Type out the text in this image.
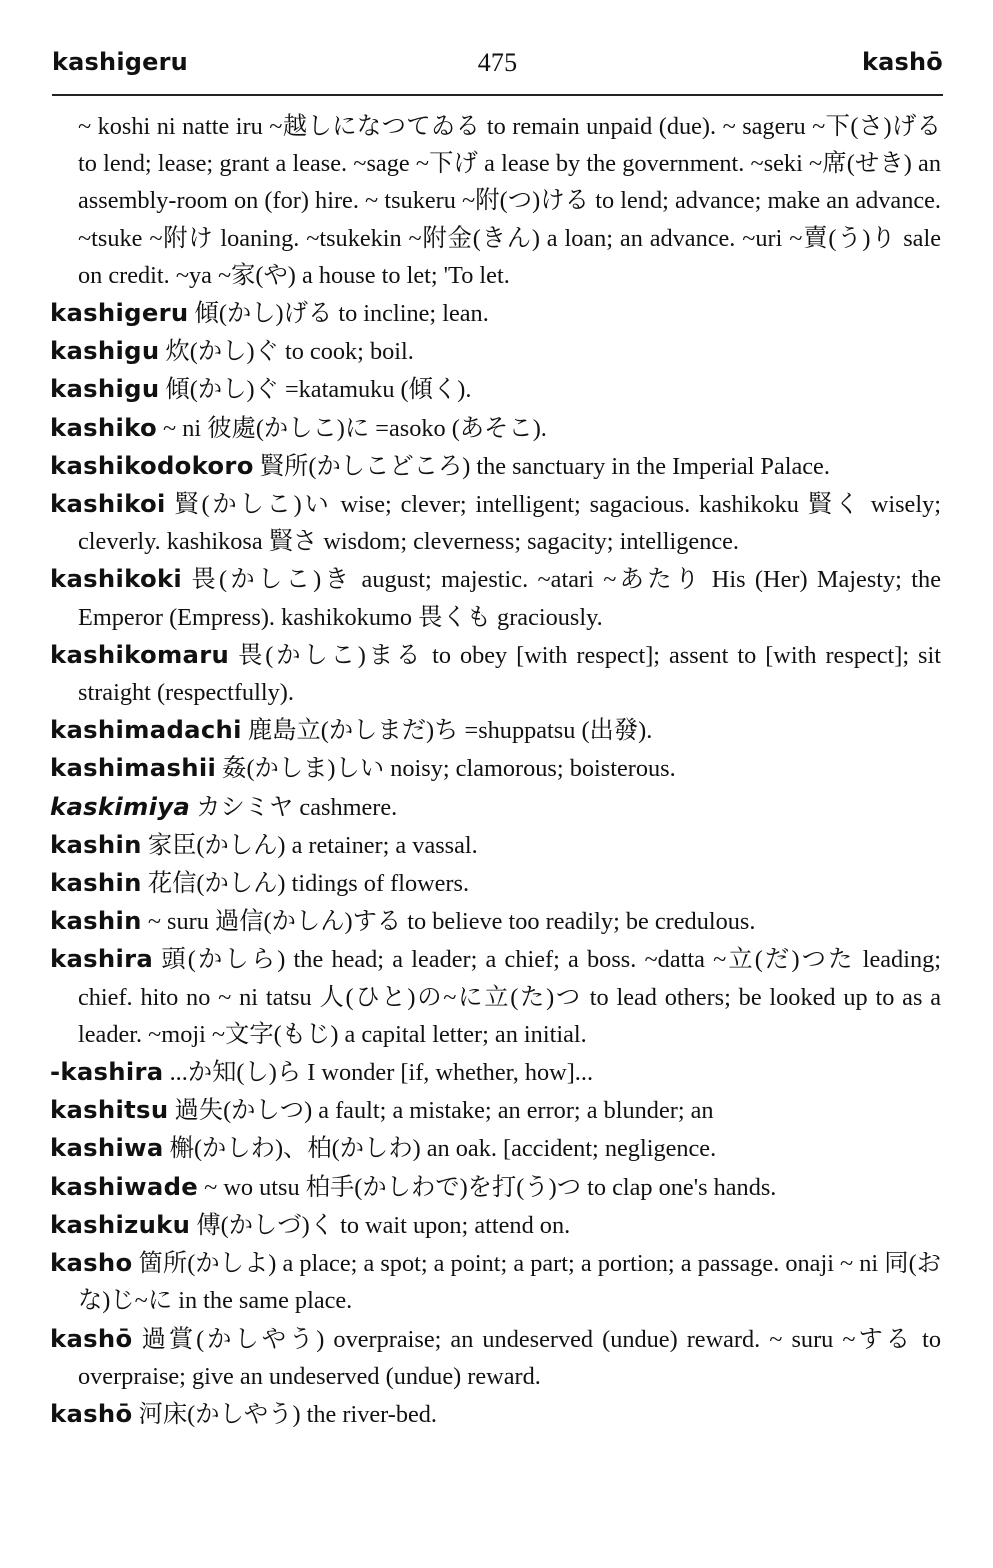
kashigeru	475	kashō
~ koshi ni natte iru ~越しになつてゐる to remain unpaid (due). ~ sageru ~下(さ)げる to lend; lease; grant a lease. ~sage ~下げ a lease by the government. ~seki ~席(せき) an assembly-room on (for) hire. ~ tsukeru ~附(つ)ける to lend; advance; make an advance. ~tsuke ~附け loaning. ~tsukekin ~附金(きん) a loan; an advance. ~uri ~賣(う)り sale on credit. ~ya ~家(や) a house to let; 'To let.
kashigeru 傾(かし)げる to incline; lean.
kashigu 炊(かし)ぐ to cook; boil.
kashigu 傾(かし)ぐ =katamuku (傾く).
kashiko ~ ni 彼處(かしこ)に =asoko (あそこ).
kashikodokoro 賢所(かしこどころ) the sanctuary in the Imperial Palace.
kashikoi 賢(かしこ)い wise; clever; intelligent; sagacious. kashikoku 賢く wisely; cleverly. kashikosa 賢さ wisdom; cleverness; sagacity; intelligence.
kashikoki 畏(かしこ)き august; majestic. ~atari ~あたり His (Her) Majesty; the Emperor (Empress). kashikokumo 畏くも graciously.
kashikomaru 畏(かしこ)まる to obey [with respect]; assent to [with respect]; sit straight (respectfully).
kashimadachi 鹿島立(かしまだ)ち =shuppatsu (出發).
kashimashii 姦(かしま)しい noisy; clamorous; boisterous.
kaskimiya カシミヤ cashmere.
kashin 家臣(かしん) a retainer; a vassal.
kashin 花信(かしん) tidings of flowers.
kashin ~ suru 過信(かしん)する to believe too readily; be credulous.
kashira 頭(かしら) the head; a leader; a chief; a boss. ~datta ~立(だ)つた leading; chief. hito no ~ ni tatsu 人(ひと)の~に立(た)つ to lead others; be looked up to as a leader. ~moji ~文字(もじ) a capital letter; an initial.
-kashira ...か知(し)ら I wonder [if, whether, how]...
kashitsu 過失(かしつ) a fault; a mistake; an error; a blunder; an
kashiwa 槲(かしわ)、柏(かしわ) an oak. [accident; negligence.
kashiwade ~ wo utsu 柏手(かしわで)を打(う)つ to clap one's hands.
kashizuku 傅(かしづ)く to wait upon; attend on.
kasho 箇所(かしよ) a place; a spot; a point; a part; a portion; a passage. onaji ~ ni 同(おな)じ~に in the same place.
kashō 過賞(かしやう) overpraise; an undeserved (undue) reward. ~ suru ~する to overpraise; give an undeserved (undue) reward.
kashō 河床(かしやう) the river-bed.
